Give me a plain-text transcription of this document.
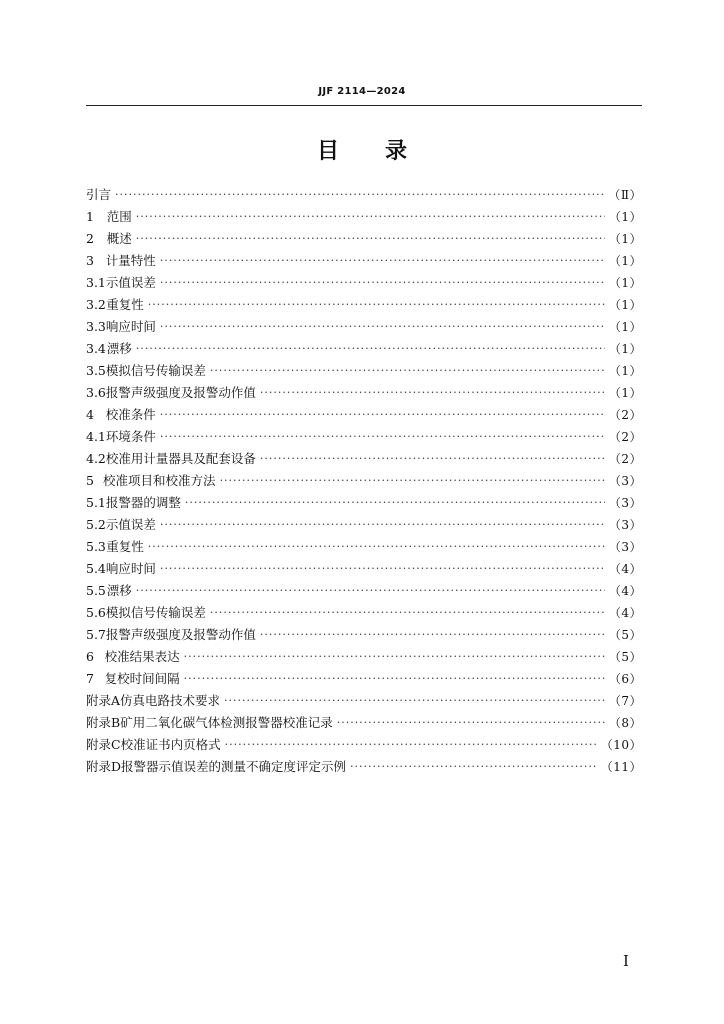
JJF 2114—2024
目 录
引言 ·····	（Ⅱ）
1	范围 ·····	（1）
2	概述 ·····	（1）
3 计量特性 ·····	（1）
3.1 示值误差 ·····	（1）
3.2 重复性 ·····	（1）
3.3 响应时间 ·····	（1）
3.4 漂移 ·····	（1）
3.5 模拟信号传输误差 ·····	（1）
3.6 报警声级强度及报警动作值 ·····	（1）
4 校准条件 ·····	（2）
4.1 环境条件 ·····	（2）
4.2 校准用计量器具及配套设备 ·····	（2）
5 校准项目和校准方法 ·····	（3）
5.1 报警器的调整 ·····	（3）
5.2 示值误差 ·····	（3）
5.3 重复性 ·····	（3）
5.4 响应时间 ·····	（4）
5.5 漂移 ·····	（4）
5.6 模拟信号传输误差 ·····	（4）
5.7 报警声级强度及报警动作值 ·····	（5）
6 校准结果表达 ·····	（5）
7 复校时间间隔 ·····	（6）
附录A 仿真电路技术要求 ·····	（7）
附录B 矿用二氧化碳气体检测报警器校准记录 ·····	（8）
附录C 校准证书内页格式 ·····	（10）
附录D 报警器示值误差的测量不确定度评定示例 ·····	（11）
I
